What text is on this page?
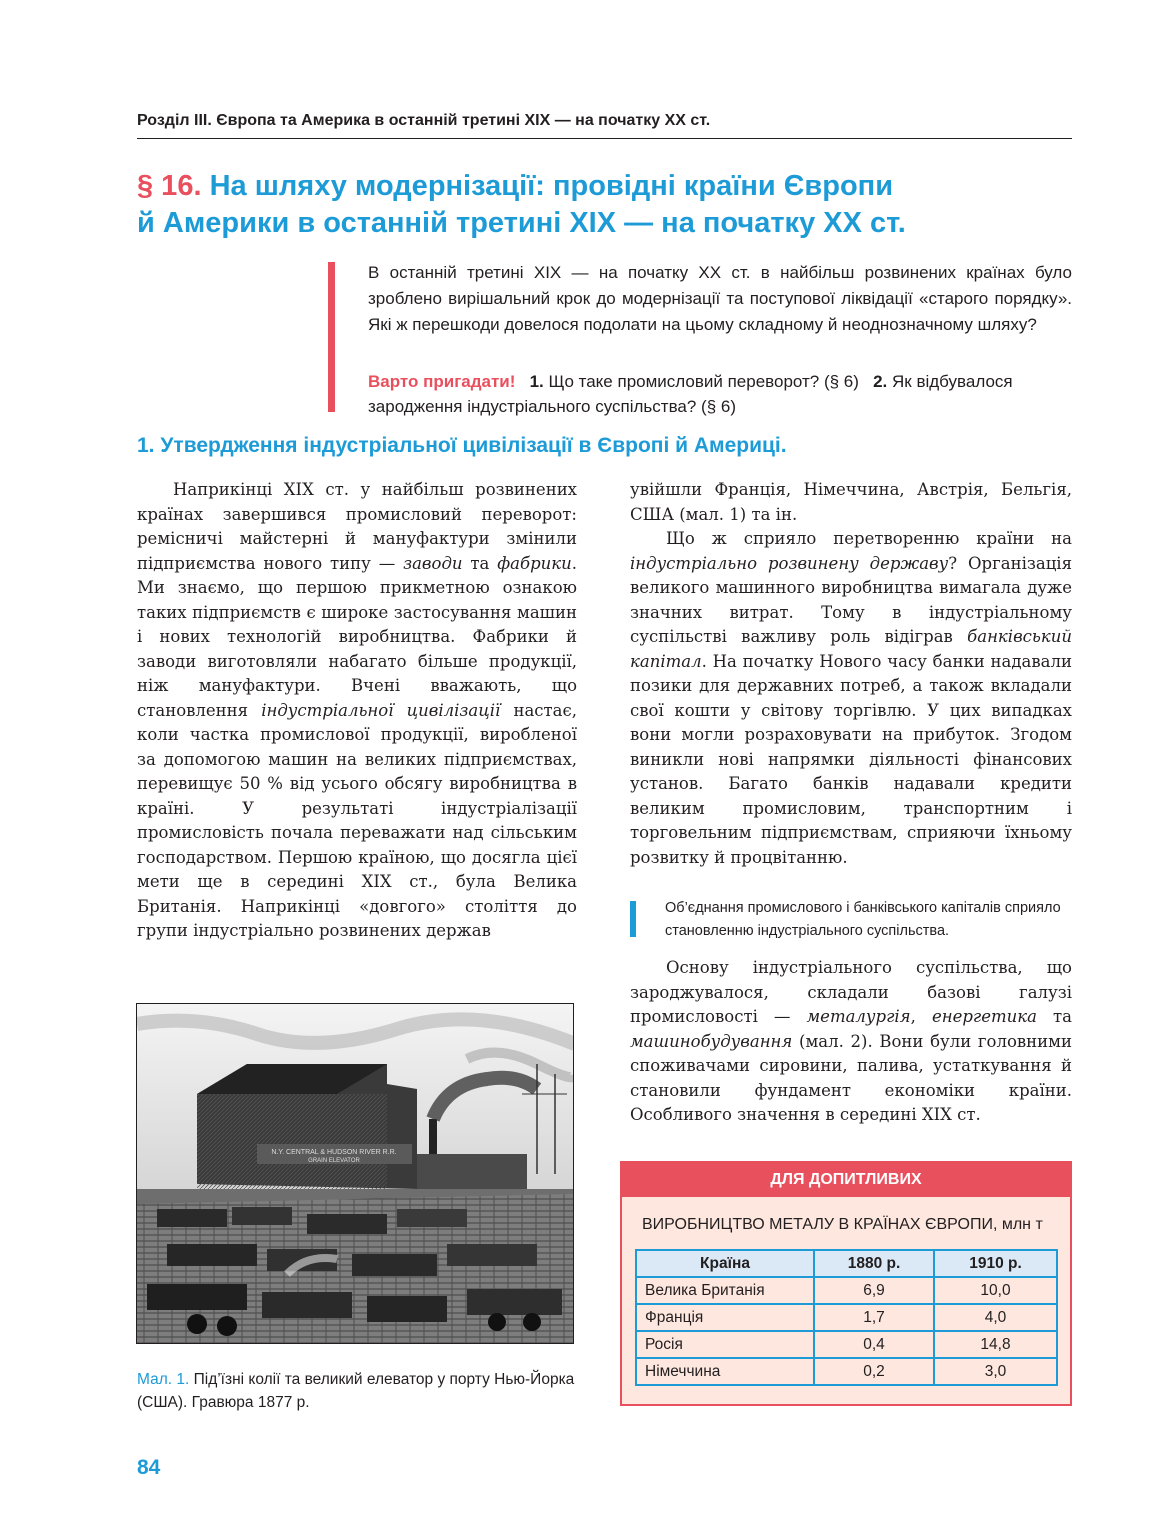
Розділ ІІІ. Європа та Америка в останній третині ХІХ — на початку ХХ ст.
§ 16. На шляху модернізації: провідні країни Європи
й Америки в останній третині ХІХ — на початку ХХ ст.
В останній третині ХІХ — на початку ХХ ст. в найбільш розвинених країнах було зроблено вирішальний крок до модернізації та поступової ліквідації «старого порядку». Які ж перешкоди довелося подолати на цьому складному й неоднозначному шляху?
Варто пригадати! 1. Що таке промисловий переворот? (§ 6) 2. Як відбувалося зародження індустріального суспільства? (§ 6)
1. Утвердження індустріальної цивілізації в Європі й Америці.

Наприкінці ХІХ ст. у найбільш розвинених країнах завершився промисловий переворот: ремісничі майстерні й мануфактури змінили підприємства нового типу — заводи та фабрики. Ми знаємо, що першою прикметною ознакою таких підприємств є широке застосування машин і нових технологій виробництва. Фабрики й заводи виготовляли набагато більше продукції, ніж мануфактури. Вчені вважають, що становлення індустріальної цивілізації настає, коли частка промислової продукції, виробленої за допомогою машин на великих підприємствах, перевищує 50 % від усього обсягу виробництва в країні. У результаті індустріалізації промисловість почала переважати над сільським господарством. Першою країною, що досягла цієї мети ще в середині ХІХ ст., була Велика Британія. Наприкінці «довгого» століття до групи індустріально розвинених держав

увійшли Франція, Німеччина, Австрія, Бельгія, США (мал. 1) та ін.

Що ж сприяло перетворенню країни на індустріально розвинену державу? Організація великого машинного виробництва вимагала дуже значних витрат. Тому в індустріальному суспільстві важливу роль відіграв банківський капітал. На початку Нового часу банки надавали позики для державних потреб, а також вкладали свої кошти у світову торгівлю. У цих випадках вони могли розраховувати на прибуток. Згодом виникли нові напрямки діяльності фінансових установ. Багато банків надавали кредити великим промисловим, транспортним і торговельним підприємствам, сприяючи їхньому розвитку й процвітанню.

Об’єднання промислового і банківського капіталів сприяло становленню індустріального суспільства.

Основу індустріального суспільства, що зароджувалося, складали базові галузі промисловості — металургія, енергетика та машинобудування (мал. 2). Вони були головними споживачами сировини, палива, устаткування й становили фундамент економіки країни. Особливого значення в середині ХІХ ст.

N.Y. CENTRAL & HUDSON RIVER R.R.
GRAIN ELEVATOR
Мал. 1. Під’їзні колії та великий елеватор у порту Нью-Йорка (США). Гравюра 1877 р.
ДЛЯ ДОПИТЛИВИХ
ВИРОБНИЦТВО МЕТАЛУ В КРАЇНАХ ЄВРОПИ, млн т
Країна	1880 р.	1910 р.
Велика Британія	6,9	10,0
Франція	1,7	4,0
Росія	0,4	14,8
Німеччина	0,2	3,0
84
